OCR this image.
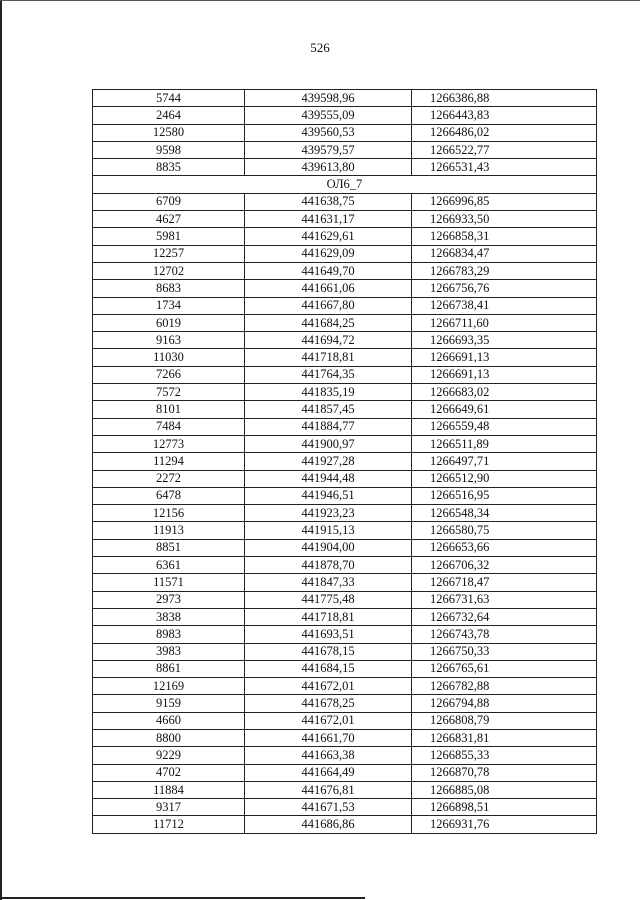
526
5744	439598,96	1266386,88
2464	439555,09	1266443,83
12580	439560,53	1266486,02
9598	439579,57	1266522,77
8835	439613,80	1266531,43
ОЛ6_7		
6709	441638,75	1266996,85
4627	441631,17	1266933,50
5981	441629,61	1266858,31
12257	441629,09	1266834,47
12702	441649,70	1266783,29
8683	441661,06	1266756,76
1734	441667,80	1266738,41
6019	441684,25	1266711,60
9163	441694,72	1266693,35
11030	441718,81	1266691,13
7266	441764,35	1266691,13
7572	441835,19	1266683,02
8101	441857,45	1266649,61
7484	441884,77	1266559,48
12773	441900,97	1266511,89
11294	441927,28	1266497,71
2272	441944,48	1266512,90
6478	441946,51	1266516,95
12156	441923,23	1266548,34
11913	441915,13	1266580,75
8851	441904,00	1266653,66
6361	441878,70	1266706,32
11571	441847,33	1266718,47
2973	441775,48	1266731,63
3838	441718,81	1266732,64
8983	441693,51	1266743,78
3983	441678,15	1266750,33
8861	441684,15	1266765,61
12169	441672,01	1266782,88
9159	441678,25	1266794,88
4660	441672,01	1266808,79
8800	441661,70	1266831,81
9229	441663,38	1266855,33
4702	441664,49	1266870,78
11884	441676,81	1266885,08
9317	441671,53	1266898,51
11712	441686,86	1266931,76
